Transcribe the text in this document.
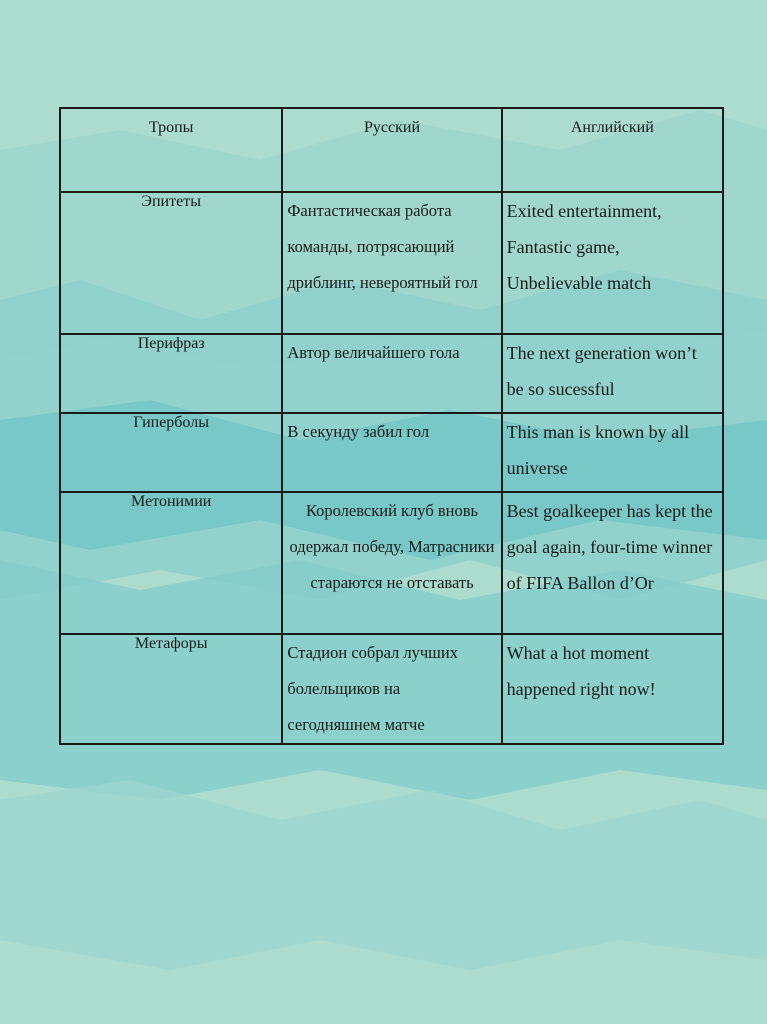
Тропы	Русский	Английский
Эпитеты	Фантастическая работа команды, потрясающий дриблинг, невероятный гол	Exited entertainment, Fantastic game, Unbelievable match
Перифраз	Автор величайшего гола	The next generation won’t be so sucessful
Гиперболы	В секунду забил гол	This man is known by all universe
Метонимии	Королевский клуб вновь одержал победу, Матрасники стараются не отставать	Best goalkeeper has kept the goal again, four-time winner of FIFA Ballon d’Or
Метафоры	Стадион собрал лучших болельщиков на сегодняшнем матче	What a hot moment happened right now!
